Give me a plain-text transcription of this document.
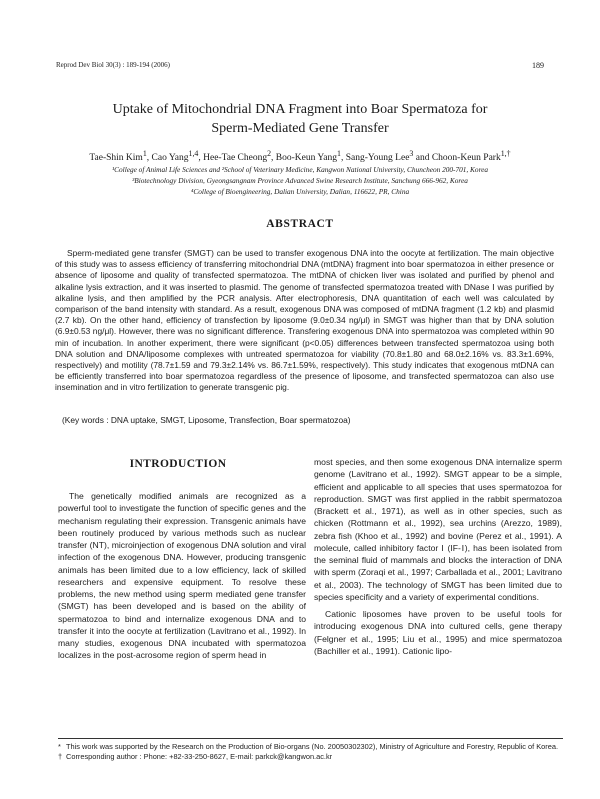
Reprod Dev Biol 30(3) : 189-194 (2006)	189
Uptake of Mitochondrial DNA Fragment into Boar Spermatoza for
Sperm-Mediated Gene Transfer
Tae-Shin Kim$^1$, Cao Yang$^{1,4}$, Hee-Tae Cheong$^2$, Boo-Keun Yang$^1$, Sang-Young Lee$^3$ and Choon-Keun Park$^{1,\dagger}$
¹College of Animal Life Sciences and ²School of Veterinary Medicine, Kangwon National University, Chuncheon 200-701, Korea
³Biotechnology Division, Gyeongsangnam Province Advanced Swine Research Institute, Sanchung 666-962, Korea
⁴College of Bioengineering, Dalian University, Dalian, 116622, PR, China
ABSTRACT

Sperm-mediated gene transfer (SMGT) can be used to transfer exogenous DNA into the oocyte at fertilization. The main objective of this study was to assess efficiency of transferring mitochondrial DNA (mtDNA) fragment into boar spermatozoa in either presence or absence of liposome and quality of transfected spermatozoa. The mtDNA of chicken liver was isolated and purified by phenol and alkaline lysis extraction, and it was inserted to plasmid. The genome of transfected spermatozoa treated with DNase Ⅰ was purified by alkaline lysis, and then amplified by the PCR analysis. After electrophoresis, DNA quantitation of each well was calculated by comparison of the band intensity with standard. As a result, exogenous DNA was composed of mtDNA fragment (1.2 kb) and plasmid (2.7 kb). On the other hand, efficiency of transfection by liposome (9.0±0.34 ng/μl) in SMGT was higher than that by DNA solution (6.9±0.53 ng/μl). However, there was no significant difference. Transfering exogenous DNA into spermatozoa was completed within 90 min of incubation. In another experiment, there were significant (p<0.05) differences between transfected spermatozoa using both DNA solution and DNA/liposome complexes with untreated spermatozoa for viability (70.8±1.80 and 68.0±2.16% vs. 83.3±1.69%, respectively) and motility (78.7±1.59 and 79.3±2.14% vs. 86.7±1.59%, respectively). This study indicates that exogenous mtDNA can be efficiently transferred into boar spermatozoa regardless of the presence of liposome, and transfected spermatozoa can also use insemination and in vitro fertilization to generate transgenic pig.

(Key words : DNA uptake, SMGT, Liposome, Transfection, Boar spermatozoa)

INTRODUCTION

The genetically modified animals are recognized as a powerful tool to investigate the function of specific genes and the mechanism regulating their expression. Transgenic animals have been routinely produced by various methods such as nuclear transfer (NT), microinjection of exogenous DNA solution and viral infection of the exogenous DNA. However, producing transgenic animals has been limited due to a low efficiency, lack of skilled researchers and expensive equipment. To resolve these problems, the new method using sperm mediated gene transfer (SMGT) has been developed and is based on the ability of spermatozoa to bind and internalize exogenous DNA and to transfer it into the oocyte at fertilization (Lavitrano et al., 1992). In many studies, exogenous DNA incubated with spermatozoa localizes in the post-acrosome region of sperm head in

most species, and then some exogenous DNA internalize sperm genome (Lavitrano et al., 1992). SMGT appear to be a simple, efficient and applicable to all species that uses spermatozoa for reproduction. SMGT was first applied in the rabbit spermatozoa (Brackett et al., 1971), as well as in other species, such as chicken (Rottmann et al., 1992), sea urchins (Arezzo, 1989), zebra fish (Khoo et al., 1992) and bovine (Perez et al., 1991). A molecule, called inhibitory factor Ⅰ (IF-Ⅰ), has been isolated from the seminal fluid of mammals and blocks the interaction of DNA with sperm (Zoraqi et al., 1997; Carballada et al., 2001; Lavitrano et al., 2003). The technology of SMGT has been limited due to species specificity and a variety of experimental conditions.

Cationic liposomes have proven to be useful tools for introducing exogenous DNA into cultured cells, gene therapy (Felgner et al., 1995; Liu et al., 1995) and mice spermatozoa (Bachiller et al., 1991). Cationic lipo-

* This work was supported by the Research on the Production of Bio-organs (No. 20050302302), Ministry of Agriculture and Forestry, Republic of Korea.
† Corresponding author : Phone: +82-33-250-8627, E-mail: parkck@kangwon.ac.kr
